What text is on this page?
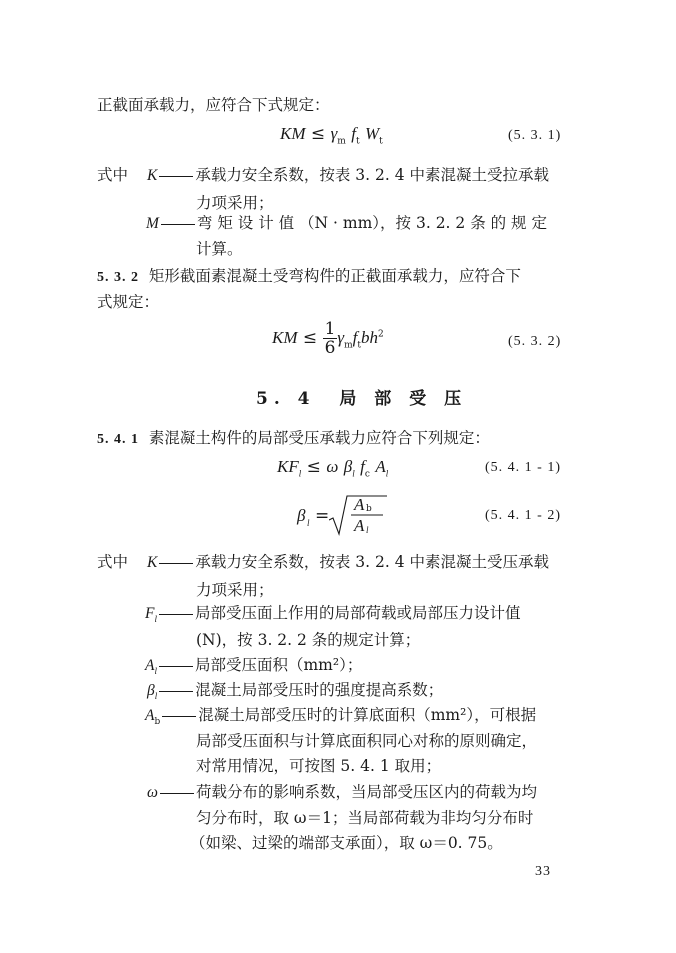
正截面承载力，应符合下式规定：
KM ≤ $\gamma_m$ $f_t$ $W_t$	(5. 3. 1)
式中 K 承载力安全系数，按表 3. 2. 4 中素混凝土受拉承载
力项采用；
M 弯 矩 设 计 值 （N · mm），按 3. 2. 2 条 的 规 定
计算。
5. 3. 2 矩形截面素混凝土受弯构件的正截面承载力，应符合下
式规定：
KM ≤ $\frac{1}{6} \gamma_mf_tbh^2$	(5. 3. 2)
5. 4 局 部 受 压
5. 4. 1 素混凝土构件的局部受压承载力应符合下列规定：
$KF_l \le \omega$ $\beta_l$ $f_c$ $A_l$	(5. 4. 1 - 1)
β l =
A b
A l
(5. 4. 1 - 2)
式中 K 承载力安全系数，按表 3. 2. 4 中素混凝土受压承载
力项采用；
$F_l$ 局部受压面上作用的局部荷载或局部压力设计值
(N)，按 3. 2. 2 条的规定计算；
$A_l$ 局部受压面积（mm²）；
$\beta_l$ 混凝土局部受压时的强度提高系数；
$A_b$ 混凝土局部受压时的计算底面积（mm²），可根据
局部受压面积与计算底面积同心对称的原则确定，
对常用情况，可按图 5. 4. 1 取用；
ω 荷载分布的影响系数，当局部受压区内的荷载为均
匀分布时，取 ω＝1；当局部荷载为非均匀分布时
（如梁、过梁的端部支承面），取 ω＝0. 75。
33
